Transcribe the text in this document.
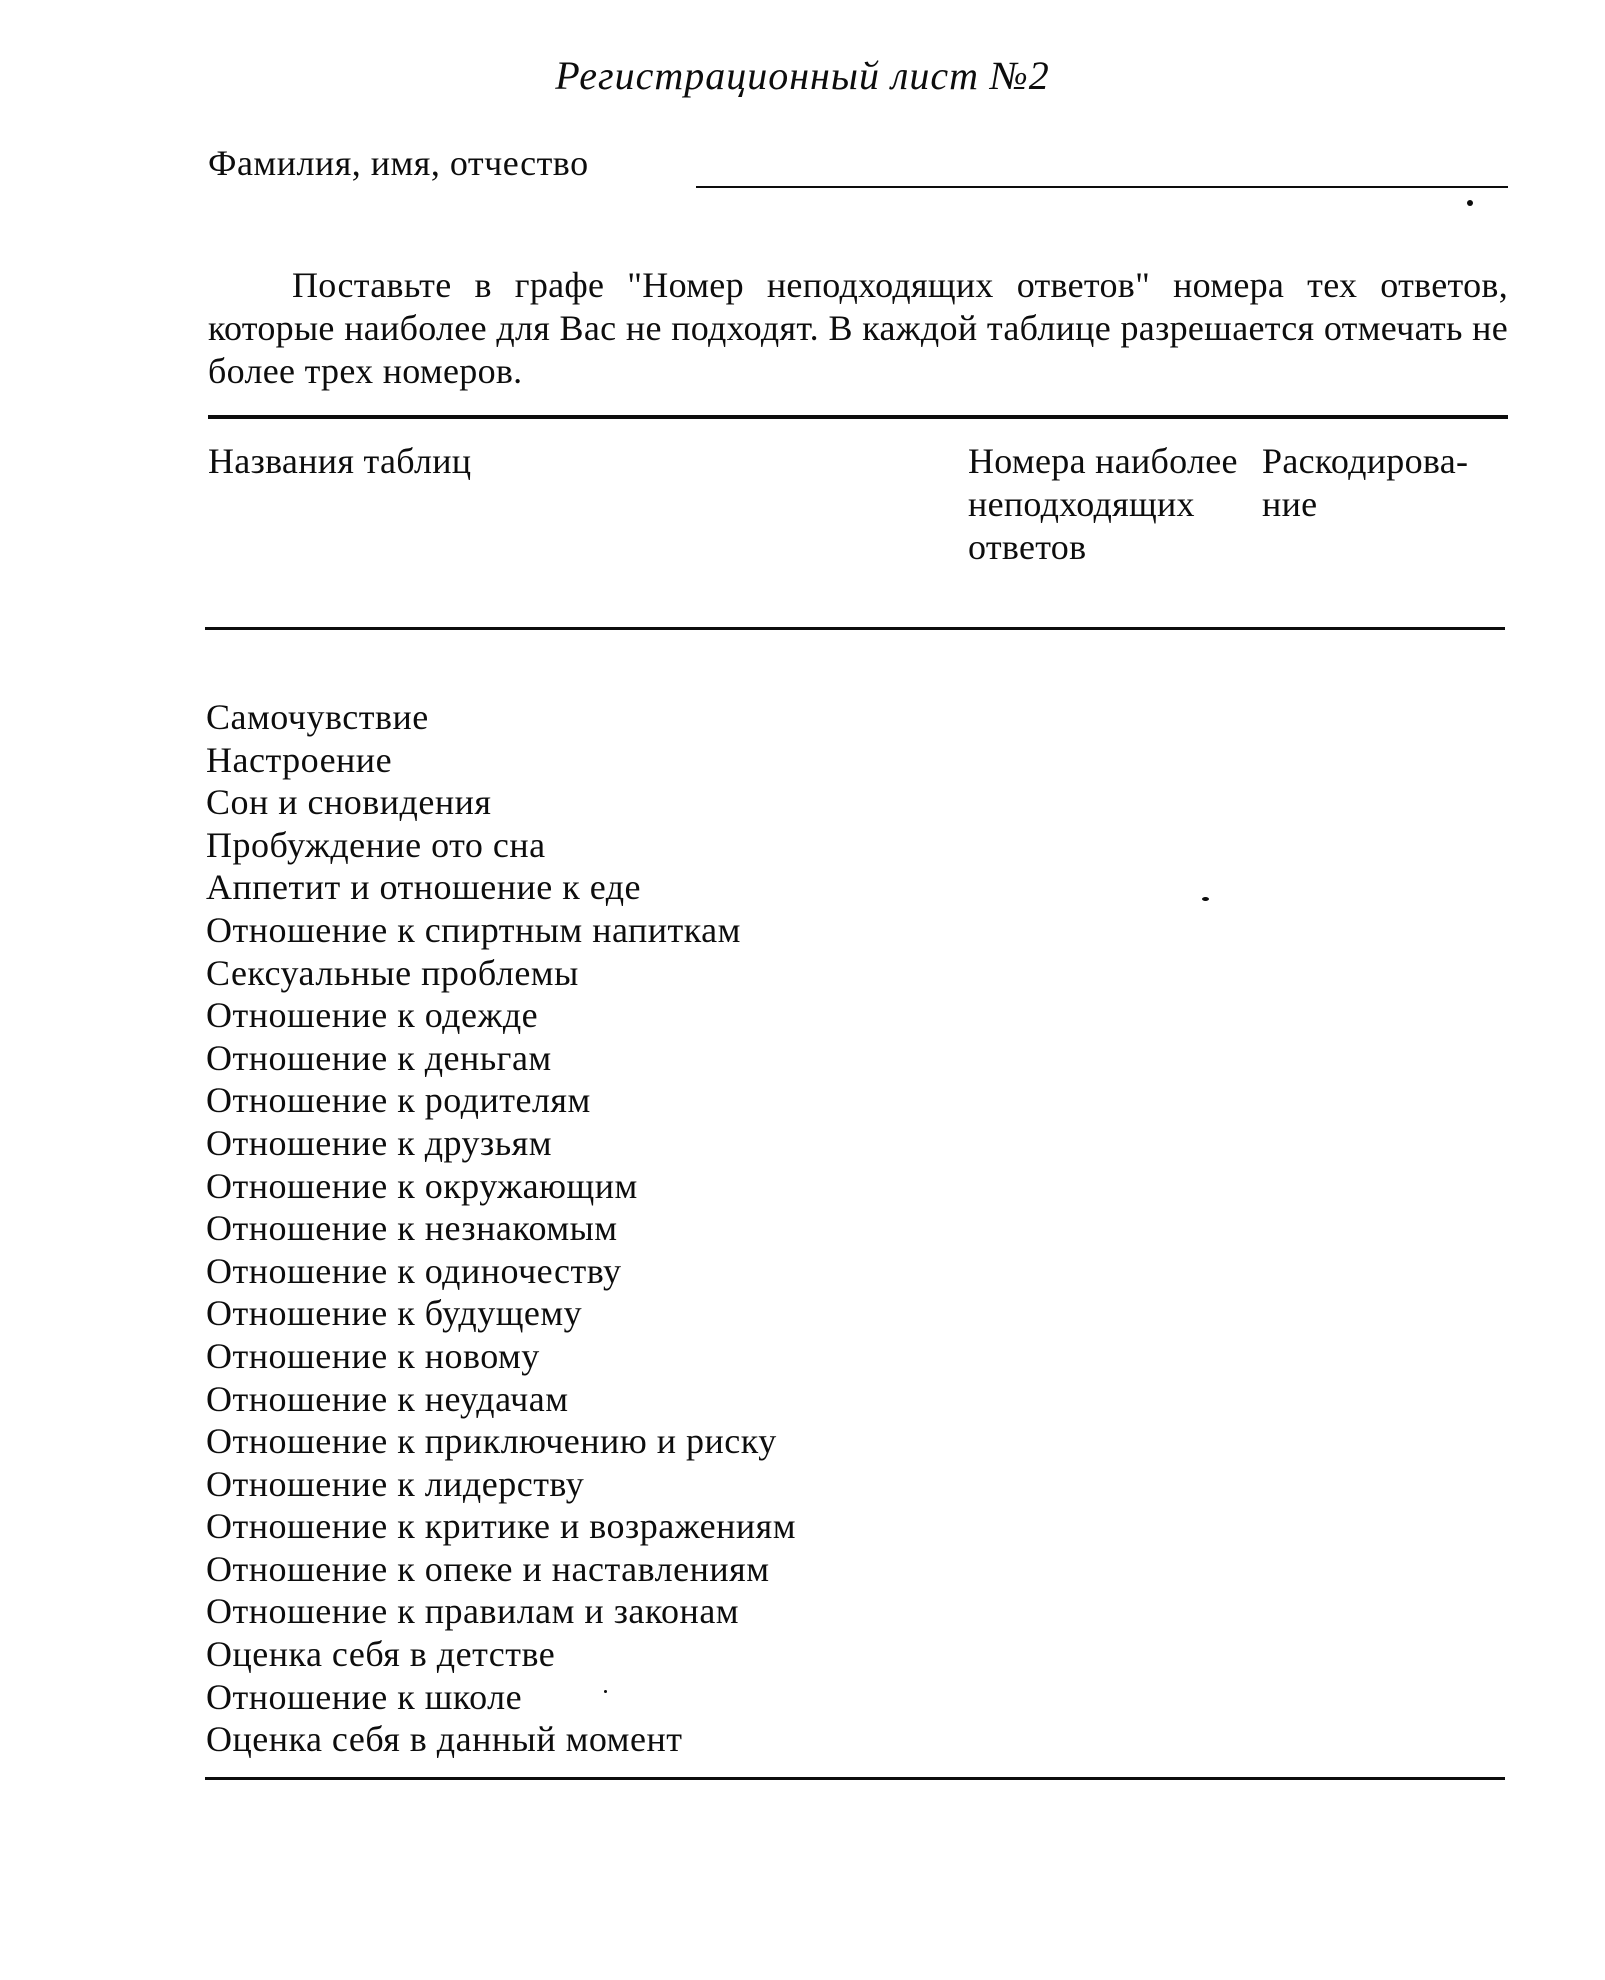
Регистрационный лист №2
Фамилия, имя, отчество

Поставьте в графе "Номер неподходящих ответов" номера тех ответов, которые наиболее для Вас не подходят. В каждой таблице разрешается отмечать не более трех номеров.

Названия таблиц	Номера наиболее неподходящих ответов
Раскодирова-ние
Самочувствие
Настроение
Сон и сновидения
Пробуждение ото сна
Аппетит и отношение к еде
Отношение к спиртным напиткам
Сексуальные проблемы
Отношение к одежде
Отношение к деньгам
Отношение к родителям
Отношение к друзьям
Отношение к окружающим
Отношение к незнакомым
Отношение к одиночеству
Отношение к будущему
Отношение к новому
Отношение к неудачам
Отношение к приключению и риску
Отношение к лидерству
Отношение к критике и возражениям
Отношение к опеке и наставлениям
Отношение к правилам и законам
Оценка себя в детстве
Отношение к школе
Оценка себя в данный момент
